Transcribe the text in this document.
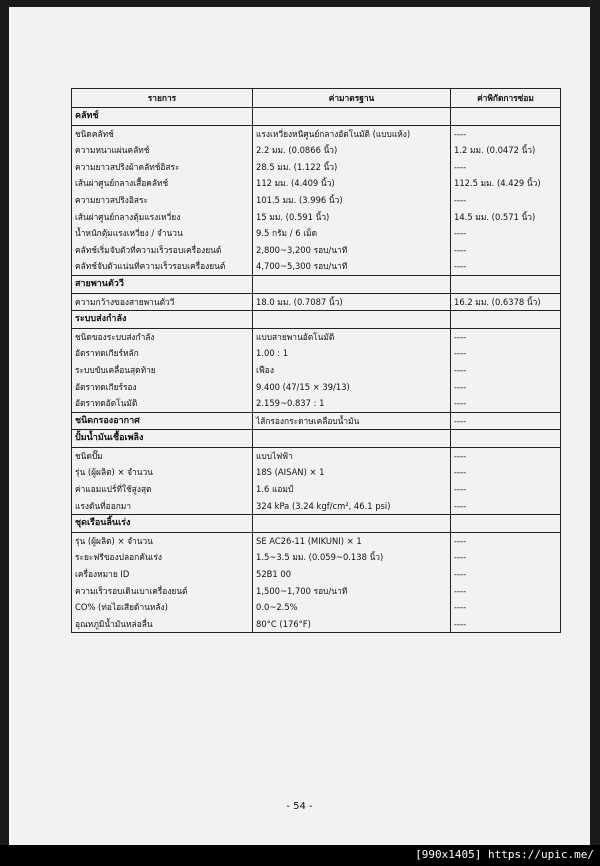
รายการ	ค่ามาตรฐาน	ค่าพิกัดการซ่อม
คลัทช์		
ชนิดคลัทช์	แรงเหวี่ยงหนีศูนย์กลางอัตโนมัติ (แบบแห้ง)	----
ความหนาแผ่นคลัทช์	2.2 มม. (0.0866 นิ้ว)	1.2 มม. (0.0472 นิ้ว)
ความยาวสปริงผ้าคลัทช์อิสระ	28.5 มม. (1.122 นิ้ว)	----
เส้นผ่าศูนย์กลางเสื้อคลัทช์	112 มม. (4.409 นิ้ว)	112.5 มม. (4.429 นิ้ว)
ความยาวสปริงอิสระ	101.5 มม. (3.996 นิ้ว)	----
เส้นผ่าศูนย์กลางตุ้มแรงเหวี่ยง	15 มม. (0.591 นิ้ว)	14.5 มม. (0.571 นิ้ว)
น้ำหนักตุ้มแรงเหวี่ยง / จำนวน	9.5 กรัม / 6 เม็ด	----
คลัทช์เริ่มจับตัวที่ความเร็วรอบเครื่องยนต์	2,800~3,200 รอบ/นาที	----
คลัทช์จับตัวแน่นที่ความเร็วรอบเครื่องยนต์	4,700~5,300 รอบ/นาที	----
สายพานตัววี		
ความกว้างของสายพานตัววี	18.0 มม. (0.7087 นิ้ว)	16.2 มม. (0.6378 นิ้ว)
ระบบส่งกำลัง		
ชนิดของระบบส่งกำลัง	แบบสายพานอัตโนมัติ	----
อัตราทดเกียร์หลัก	1.00 : 1	----
ระบบขับเคลื่อนสุดท้าย	เฟือง	----
อัตราทดเกียร์รอง	9.400 (47/15 × 39/13)	----
อัตราทดอัตโนมัติ	2.159~0.837 : 1	----
ชนิดกรองอากาศ	ไส้กรองกระดาษเคลือบน้ำมัน	----
ปั้มน้ำมันเชื้อเพลิง		
ชนิดปั๊ม	แบบไฟฟ้า	----
รุ่น (ผู้ผลิต) × จำนวน	18S (AISAN) × 1	----
ค่าแอมแปร์ที่ใช้สูงสุด	1.6 แอมป์	----
แรงดันที่ออกมา	324 kPa (3.24 kgf/cm², 46.1 psi)	----
ชุดเรือนลิ้นเร่ง		
รุ่น (ผู้ผลิต) × จำนวน	SE AC26-11 (MIKUNI) × 1	----
ระยะฟรีของปลอกคันเร่ง	1.5~3.5 มม. (0.059~0.138 นิ้ว)	----
เครื่องหมาย ID	52B1 00	----
ความเร็วรอบเดินเบาเครื่องยนต์	1,500~1,700 รอบ/นาที	----
CO% (ท่อไอเสียด้านหลัง)	0.0~2.5%	----
อุณหภูมิน้ำมันหล่อลื่น	80°C (176°F)	----
- 54 -
[990x1405] https://upic.me/
